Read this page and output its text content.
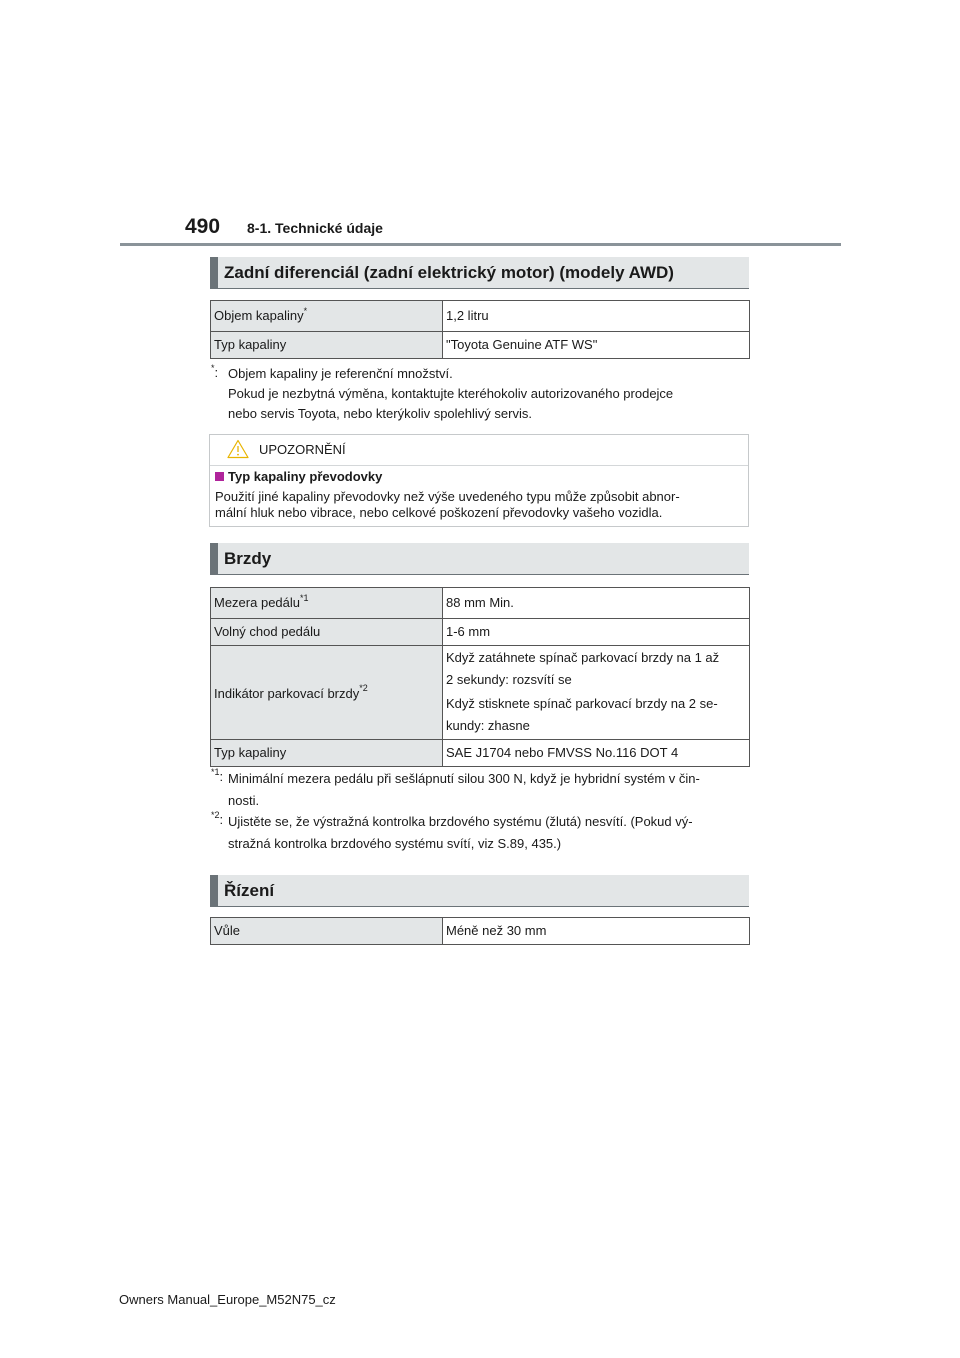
490 8-1. Technické údaje
Zadní diferenciál (zadní elektrický motor) (modely AWD)
Objem kapaliny*	1,2 litru
Typ kapaliny	"Toyota Genuine ATF WS"
*: Objem kapaliny je referenční množství.
Pokud je nezbytná výměna, kontaktujte kteréhokoliv autorizovaného prodejce
nebo servis Toyota, nebo kterýkoliv spolehlivý servis.
UPOZORNĚNÍ
Typ kapaliny převodovky
Použití jiné kapaliny převodovky než výše uvedeného typu může způsobit abnor-
mální hluk nebo vibrace, nebo celkové poškození převodovky vašeho vozidla.
Brzdy
Mezera pedálu$^{*1}$	88 mm Min.
Volný chod pedálu	1-6 mm
Indikátor parkovací brzdy$^{*2}$	Když zatáhnete spínač parkovací brzdy na 1 až

2 sekundy: rozsvítí se

Když stisknete spínač parkovací brzdy na 2 se-

kundy: zhasne

Typ kapaliny	SAE J1704 nebo FMVSS No.116 DOT 4
$^{*1}$: Minimální mezera pedálu při sešlápnutí silou 300 N, když je hybridní systém v čin-
nosti.
$^{*2}$: Ujistěte se, že výstražná kontrolka brzdového systému (žlutá) nesvítí. (Pokud vý-
stražná kontrolka brzdového systému svítí, viz S.89, 435.)
Řízení
Vůle	Méně než 30 mm
Owners Manual_Europe_M52N75_cz
